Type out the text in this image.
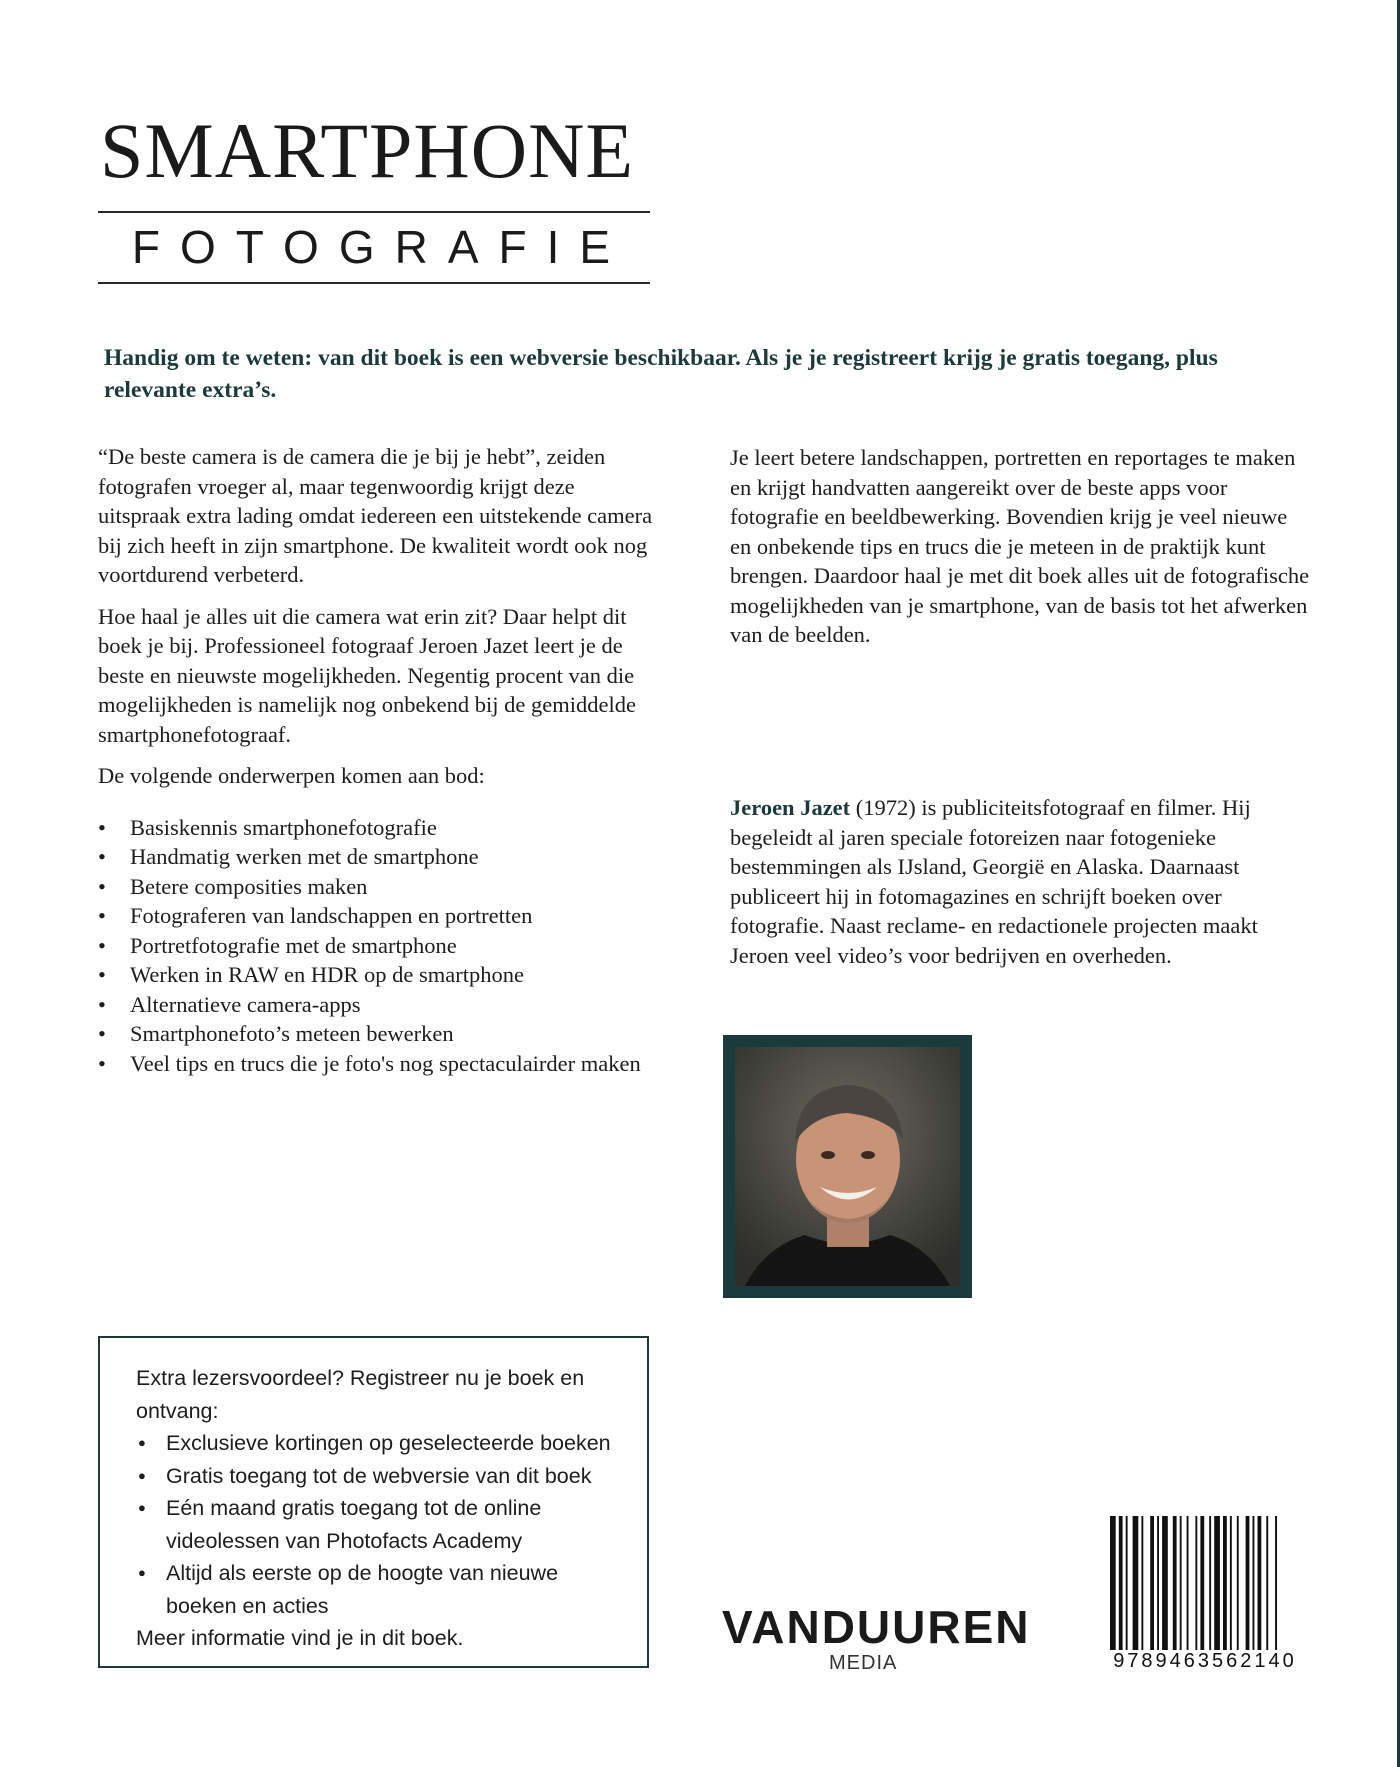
SMARTPHONE
FOTOGRAFIE
Handig om te weten: van dit boek is een webversie beschikbaar. Als je je registreert krijg je gratis toegang, plus relevante extra’s.

“De beste camera is de camera die je bij je hebt”, zeiden fotografen vroeger al, maar tegenwoordig krijgt deze uitspraak extra lading omdat iedereen een uitstekende camera bij zich heeft in zijn smartphone. De kwaliteit wordt ook nog voortdurend verbeterd.

Hoe haal je alles uit die camera wat erin zit? Daar helpt dit boek je bij. Professioneel fotograaf Jeroen Jazet leert je de beste en nieuwste mogelijkheden. Negentig procent van die mogelijkheden is namelijk nog onbekend bij de gemiddelde smartphonefotograaf.

De volgende onderwerpen komen aan bod:

• Basiskennis smartphonefotografie
• Handmatig werken met de smartphone
• Betere composities maken
• Fotograferen van landschappen en portretten
• Portretfotografie met de smartphone
• Werken in RAW en HDR op de smartphone
• Alternatieve camera-apps
• Smartphonefoto’s meteen bewerken
• Veel tips en trucs die je foto's nog spectaculairder maken

Je leert betere landschappen, portretten en reportages te maken en krijgt handvatten aangereikt over de beste apps voor fotografie en beeldbewerking. Bovendien krijg je veel nieuwe en onbekende tips en trucs die je meteen in de praktijk kunt brengen. Daardoor haal je met dit boek alles uit de fotografische mogelijkheden van je smartphone, van de basis tot het afwerken van de beelden.

Jeroen Jazet (1972) is publiciteitsfotograaf en filmer. Hij begeleidt al jaren speciale fotoreizen naar fotogenieke bestemmingen als IJsland, Georgië en Alaska. Daarnaast publiceert hij in fotomagazines en schrijft boeken over fotografie. Naast reclame- en redactionele projecten maakt Jeroen veel video’s voor bedrijven en overheden.

Extra lezersvoordeel? Registreer nu je boek en ontvang:

● Exclusieve kortingen op geselecteerde boeken
● Gratis toegang tot de webversie van dit boek
● Eén maand gratis toegang tot de online videolessen van Photofacts Academy
● Altijd als eerste op de hoogte van nieuwe boeken en acties

Meer informatie vind je in dit boek.	VANDUUREN
MEDIA	9789463562140
